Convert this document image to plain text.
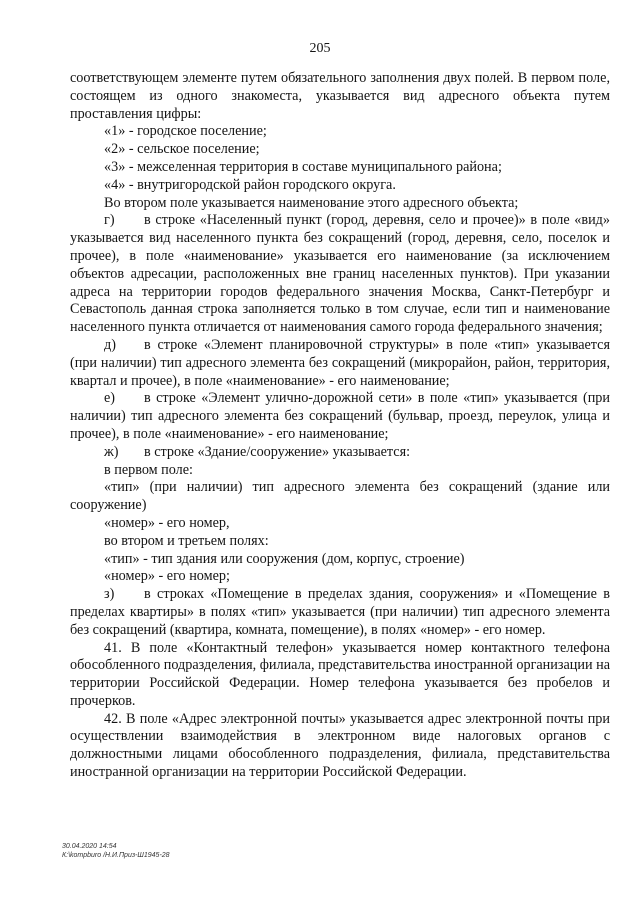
205

соответствующем элементе путем обязательного заполнения двух полей. В первом поле, состоящем из одного знакоместа, указывается вид адресного объекта путем проставления цифры:

«1» - городское поселение;

«2» - сельское поселение;

«3» - межселенная территория в составе муниципального района;

«4» - внутригородской район городского округа.

Во втором поле указывается наименование этого адресного объекта;

г) в строке «Населенный пункт (город, деревня, село и прочее)» в поле «вид» указывается вид населенного пункта без сокращений (город, деревня, село, поселок и прочее), в поле «наименование» указывается его наименование (за исключением объектов адресации, расположенных вне границ населенных пунктов). При указании адреса на территории городов федерального значения Москва, Санкт-Петербург и Севастополь данная строка заполняется только в том случае, если тип и наименование населенного пункта отличается от наименования самого города федерального значения;

д) в строке «Элемент планировочной структуры» в поле «тип» указывается (при наличии) тип адресного элемента без сокращений (микрорайон, район, территория, квартал и прочее), в поле «наименование» - его наименование;

е) в строке «Элемент улично-дорожной сети» в поле «тип» указывается (при наличии) тип адресного элемента без сокращений (бульвар, проезд, переулок, улица и прочее), в поле «наименование» - его наименование;

ж) в строке «Здание/сооружение» указывается:

в первом поле:

«тип» (при наличии) тип адресного элемента без сокращений (здание или сооружение)

«номер» - его номер,

во втором и третьем полях:

«тип» - тип здания или сооружения (дом, корпус, строение)

«номер» - его номер;

з) в строках «Помещение в пределах здания, сооружения» и «Помещение в пределах квартиры» в полях «тип» указывается (при наличии) тип адресного элемента без сокращений (квартира, комната, помещение), в полях «номер» - его номер.

41. В поле «Контактный телефон» указывается номер контактного телефона обособленного подразделения, филиала, представительства иностранной организации на территории Российской Федерации. Номер телефона указывается без пробелов и прочерков.

42. В поле «Адрес электронной почты» указывается адрес электронной почты при осуществлении взаимодействия в электронном виде налоговых органов с должностными лицами обособленного подразделения, филиала, представительства иностранной организации на территории Российской Федерации.

30.04.2020 14:54
К:\kompburo /Н.И.Приз-Ш1945-28
